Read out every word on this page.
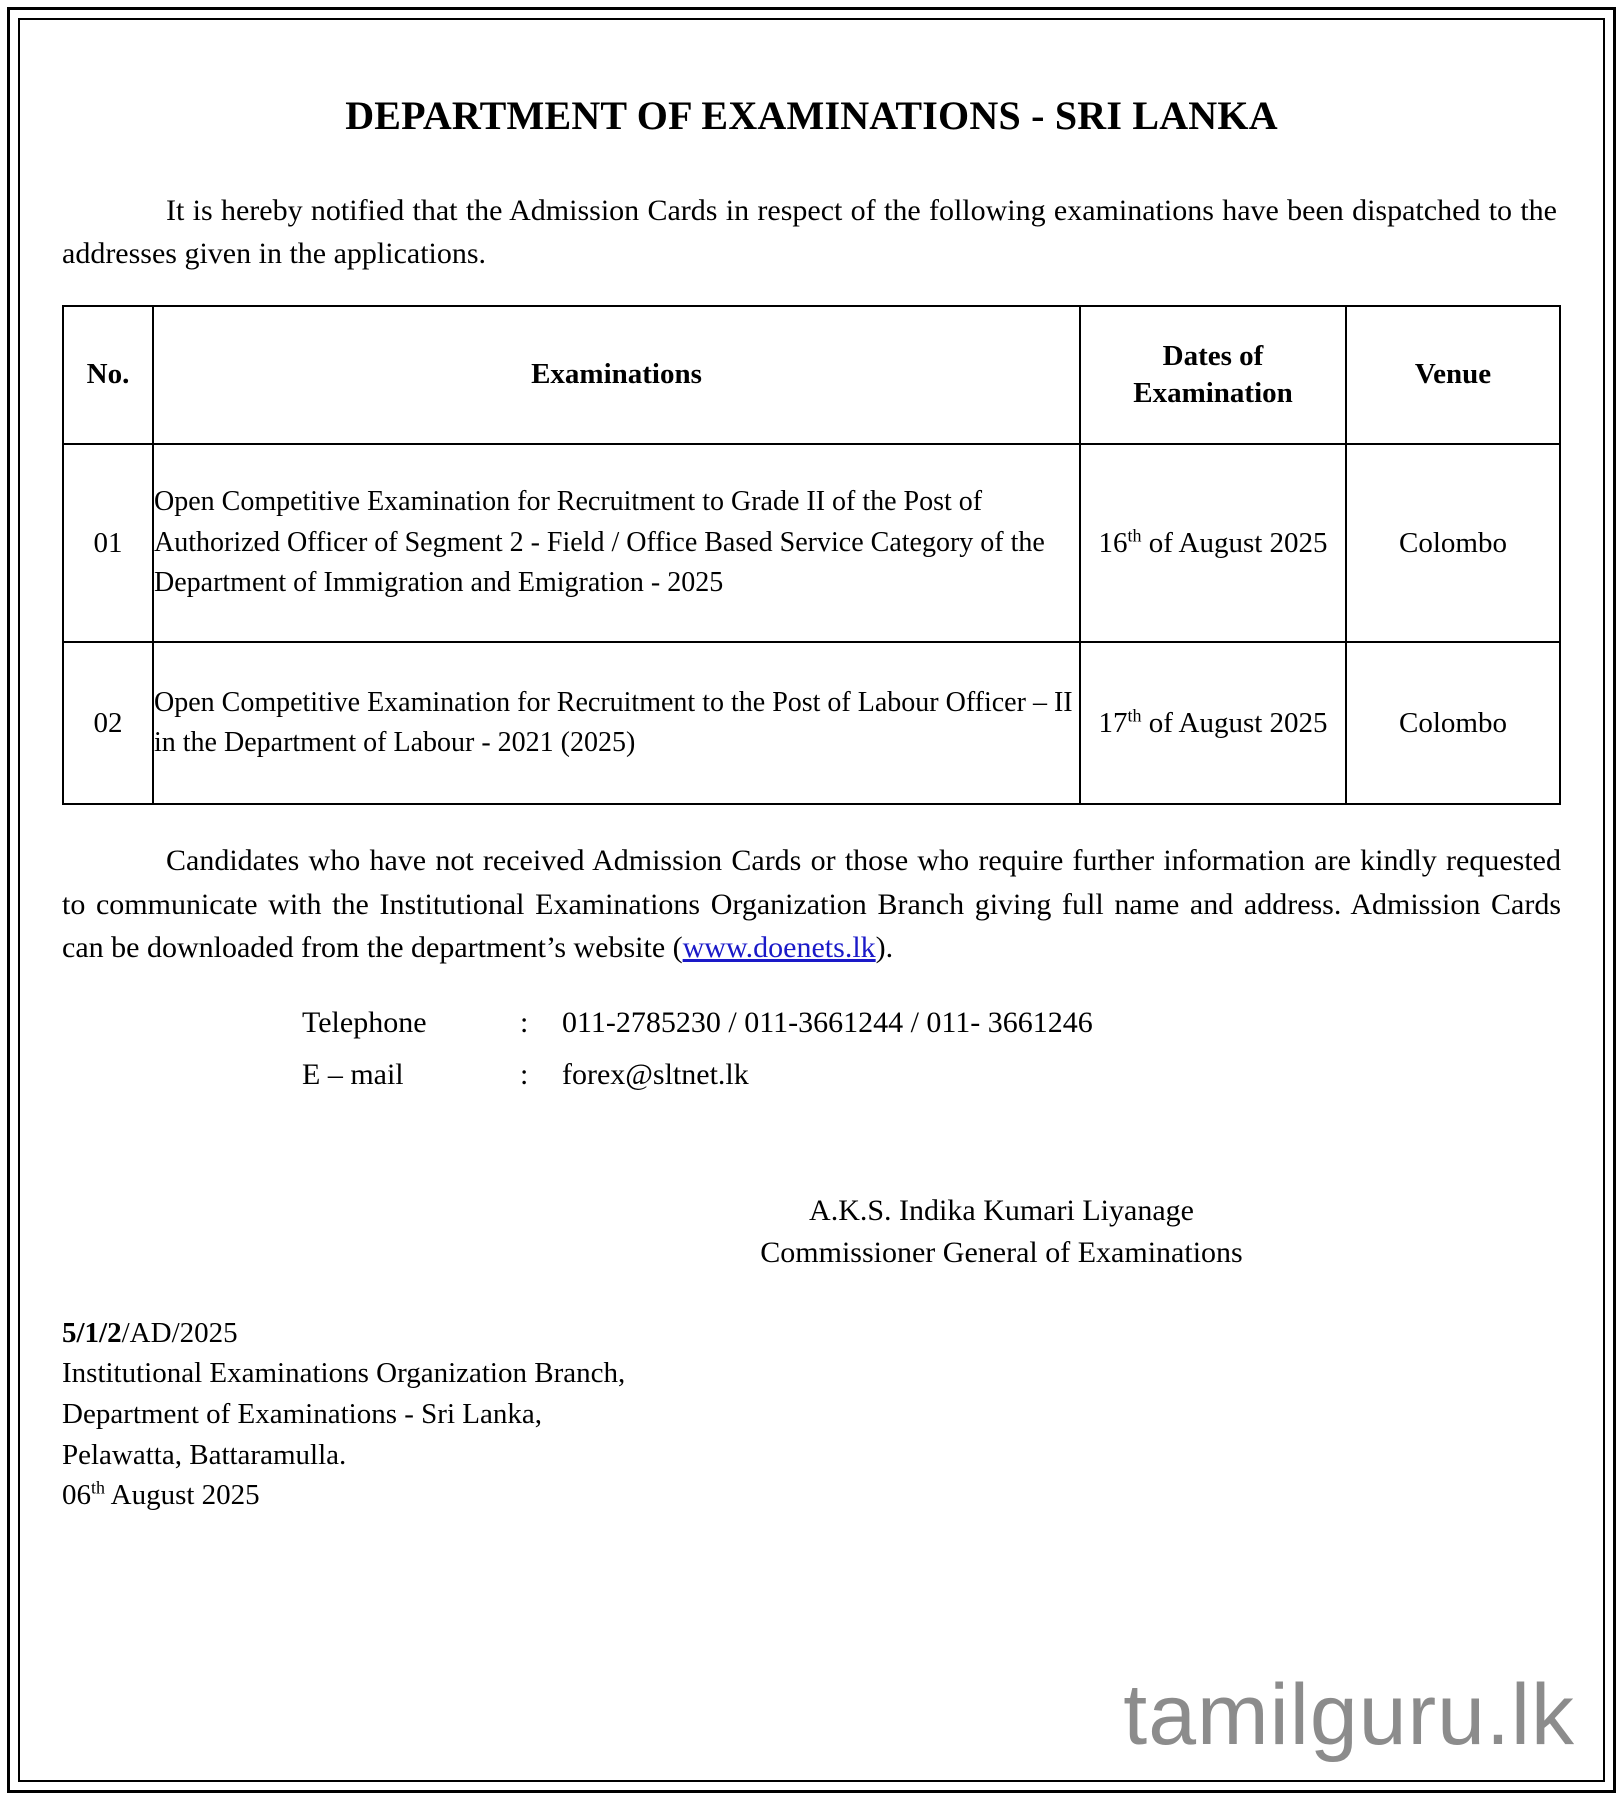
DEPARTMENT OF EXAMINATIONS - SRI LANKA

It is hereby notified that the Admission Cards in respect of the following examinations have been dispatched to the addresses given in the applications.

No.	Examinations	Dates of Examination	Venue
01	Open Competitive Examination for Recruitment to Grade II of the Post of Authorized Officer of Segment 2 - Field / Office Based Service Category of the Department of Immigration and Emigration - 2025	16th of August 2025	Colombo
02	Open Competitive Examination for Recruitment to the Post of Labour Officer – II in the Department of Labour - 2021 (2025)	17th of August 2025	Colombo

Candidates who have not received Admission Cards or those who require further information are kindly requested to communicate with the Institutional Examinations Organization Branch giving full name and address. Admission Cards can be downloaded from the department’s website (www.doenets.lk).

Telephone	:	011-2785230 / 011-3661244 / 011- 3661246
E – mail	:	forex@sltnet.lk
A.K.S. Indika Kumari Liyanage
Commissioner General of Examinations
5/1/2/AD/2025
Institutional Examinations Organization Branch,
Department of Examinations - Sri Lanka,
Pelawatta, Battaramulla.
06th August 2025
tamilguru.lk
